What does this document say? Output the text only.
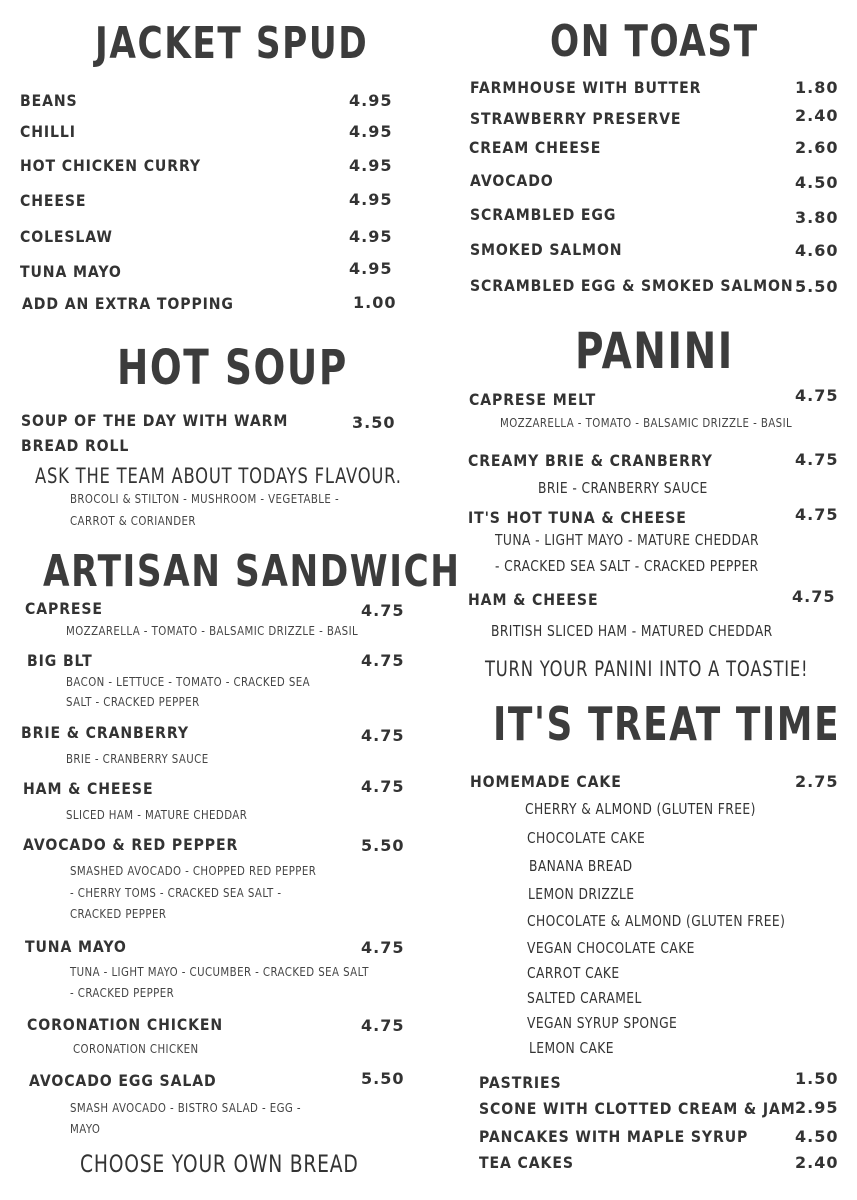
JACKET SPUD
BEANS	4.95
CHILLI	4.95
HOT CHICKEN CURRY	4.95
CHEESE	4.95
COLESLAW	4.95
TUNA MAYO	4.95
ADD AN EXTRA TOPPING	1.00
HOT SOUP
SOUP OF THE DAY WITH WARM	3.50
BREAD ROLL
ASK THE TEAM ABOUT TODAYS FLAVOUR.
BROCOLI & STILTON - MUSHROOM - VEGETABLE -
CARROT & CORIANDER
ARTISAN SANDWICH
CAPRESE	4.75
MOZZARELLA - TOMATO - BALSAMIC DRIZZLE - BASIL
BIG BLT	4.75
BACON - LETTUCE - TOMATO - CRACKED SEA
SALT - CRACKED PEPPER
BRIE & CRANBERRY	4.75
BRIE - CRANBERRY SAUCE
HAM & CHEESE	4.75
SLICED HAM - MATURE CHEDDAR
AVOCADO & RED PEPPER	5.50
SMASHED AVOCADO - CHOPPED RED PEPPER
- CHERRY TOMS - CRACKED SEA SALT -
CRACKED PEPPER
TUNA MAYO	4.75
TUNA - LIGHT MAYO - CUCUMBER - CRACKED SEA SALT
- CRACKED PEPPER
CORONATION CHICKEN	4.75
CORONATION CHICKEN
AVOCADO EGG SALAD	5.50
SMASH AVOCADO - BISTRO SALAD - EGG -
MAYO
CHOOSE YOUR OWN BREAD
ON TOAST
FARMHOUSE WITH BUTTER	1.80
STRAWBERRY PRESERVE	2.40
CREAM CHEESE	2.60
AVOCADO	4.50
SCRAMBLED EGG	3.80
SMOKED SALMON	4.60
SCRAMBLED EGG & SMOKED SALMON 5.50
PANINI
CAPRESE MELT	4.75
MOZZARELLA - TOMATO - BALSAMIC DRIZZLE - BASIL
CREAMY BRIE & CRANBERRY	4.75
BRIE - CRANBERRY SAUCE
IT'S HOT TUNA & CHEESE	4.75
TUNA - LIGHT MAYO - MATURE CHEDDAR
- CRACKED SEA SALT - CRACKED PEPPER
HAM & CHEESE	4.75
BRITISH SLICED HAM - MATURED CHEDDAR
TURN YOUR PANINI INTO A TOASTIE!
IT'S TREAT TIME
HOMEMADE CAKE	2.75
CHERRY & ALMOND (GLUTEN FREE)
CHOCOLATE CAKE
BANANA BREAD
LEMON DRIZZLE
CHOCOLATE & ALMOND (GLUTEN FREE)
VEGAN CHOCOLATE CAKE
CARROT CAKE
SALTED CARAMEL
VEGAN SYRUP SPONGE
LEMON CAKE
PASTRIES	1.50
SCONE WITH CLOTTED CREAM & JAM 2.95
PANCAKES WITH MAPLE SYRUP	4.50
TEA CAKES	2.40
